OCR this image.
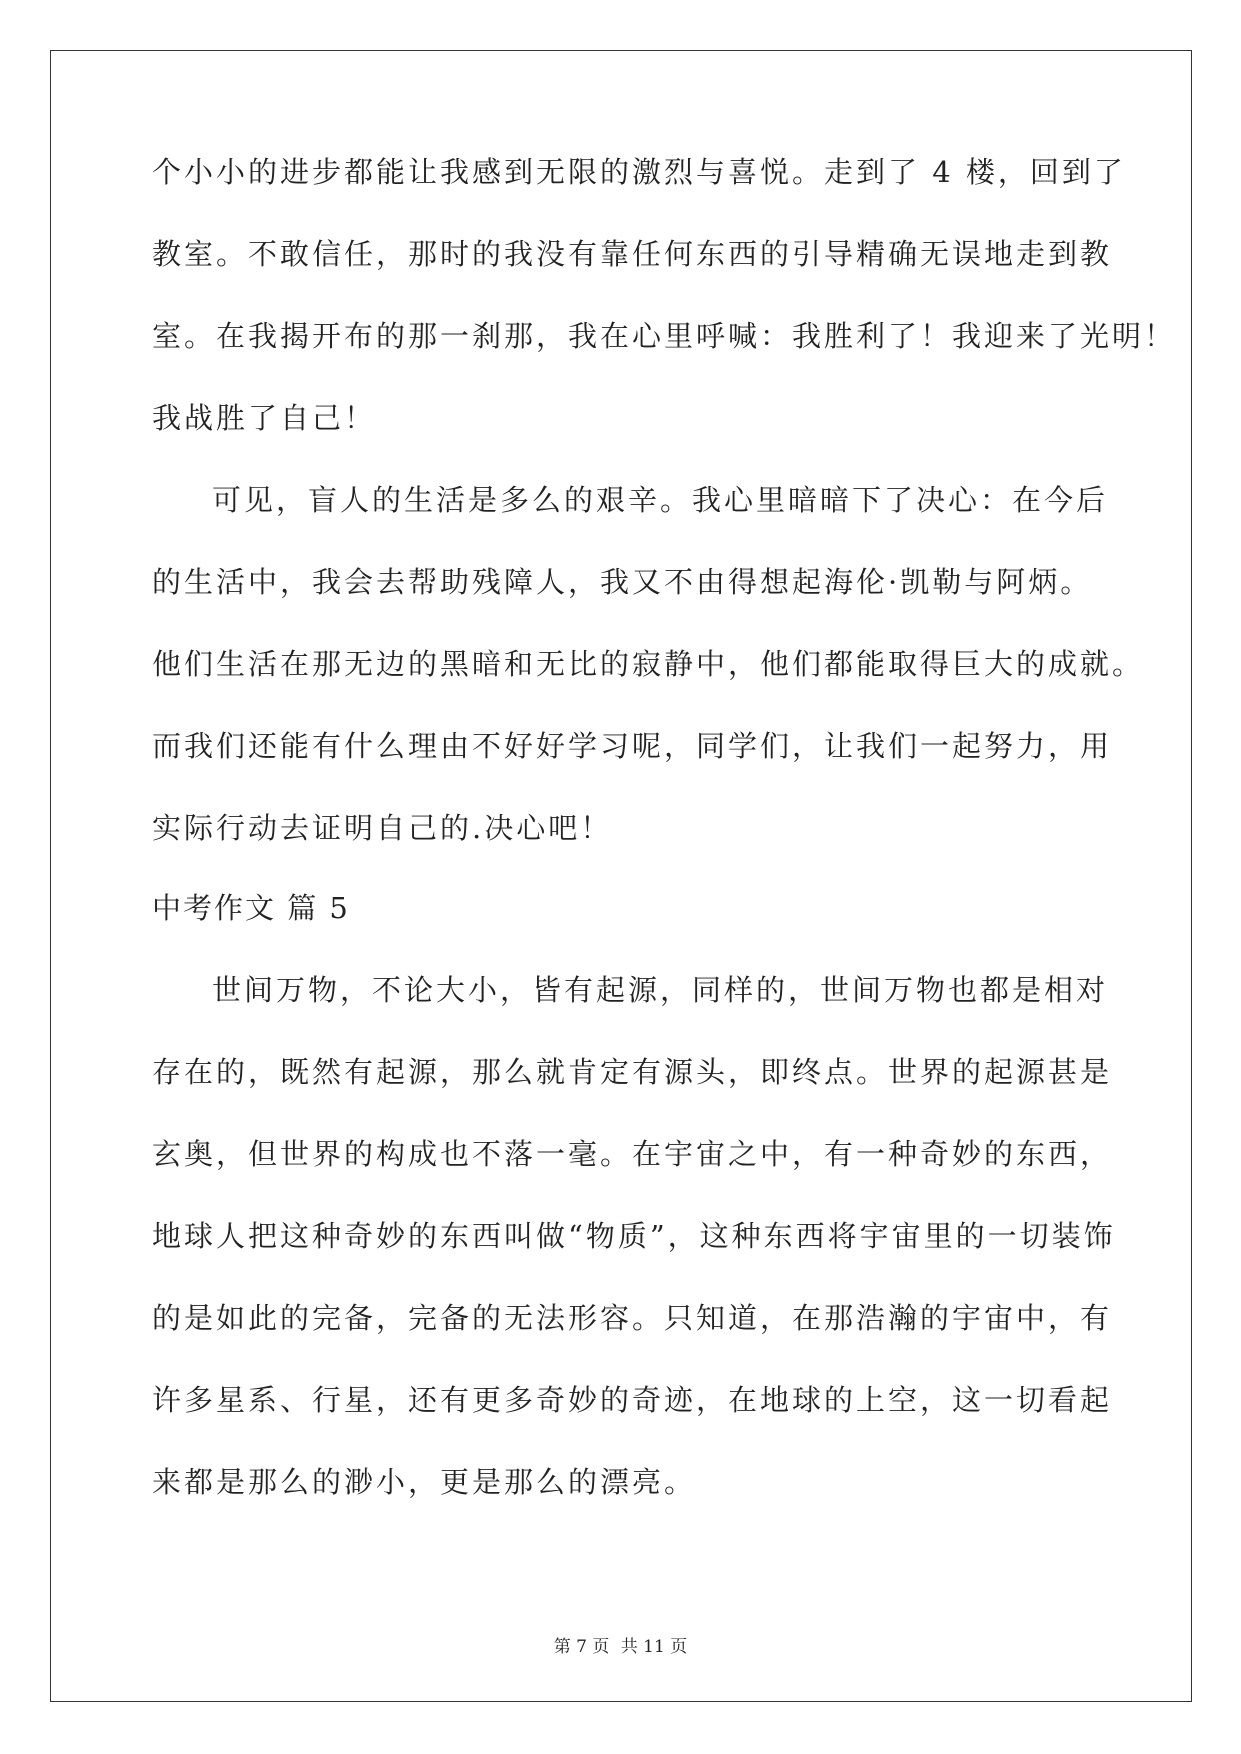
个小小的进步都能让我感到无限的激烈与喜悦。走到了 4 楼，回到了
教室。不敢信任，那时的我没有靠任何东西的引导精确无误地走到教
室。在我揭开布的那一刹那，我在心里呼喊：我胜利了！我迎来了光明！
我战胜了自己！
可见，盲人的生活是多么的艰辛。我心里暗暗下了决心：在今后
的生活中，我会去帮助残障人，我又不由得想起海伦·凯勒与阿炳。
他们生活在那无边的黑暗和无比的寂静中，他们都能取得巨大的成就。
而我们还能有什么理由不好好学习呢，同学们，让我们一起努力，用
实际行动去证明自己的.决心吧！
中考作文 篇 5
世间万物，不论大小，皆有起源，同样的，世间万物也都是相对
存在的，既然有起源，那么就肯定有源头，即终点。世界的起源甚是
玄奥，但世界的构成也不落一毫。在宇宙之中，有一种奇妙的东西，
地球人把这种奇妙的东西叫做“物质”，这种东西将宇宙里的一切装饰
的是如此的完备，完备的无法形容。只知道，在那浩瀚的宇宙中，有
许多星系、行星，还有更多奇妙的奇迹，在地球的上空，这一切看起
来都是那么的渺小，更是那么的漂亮。
第 7 页 共 11 页
